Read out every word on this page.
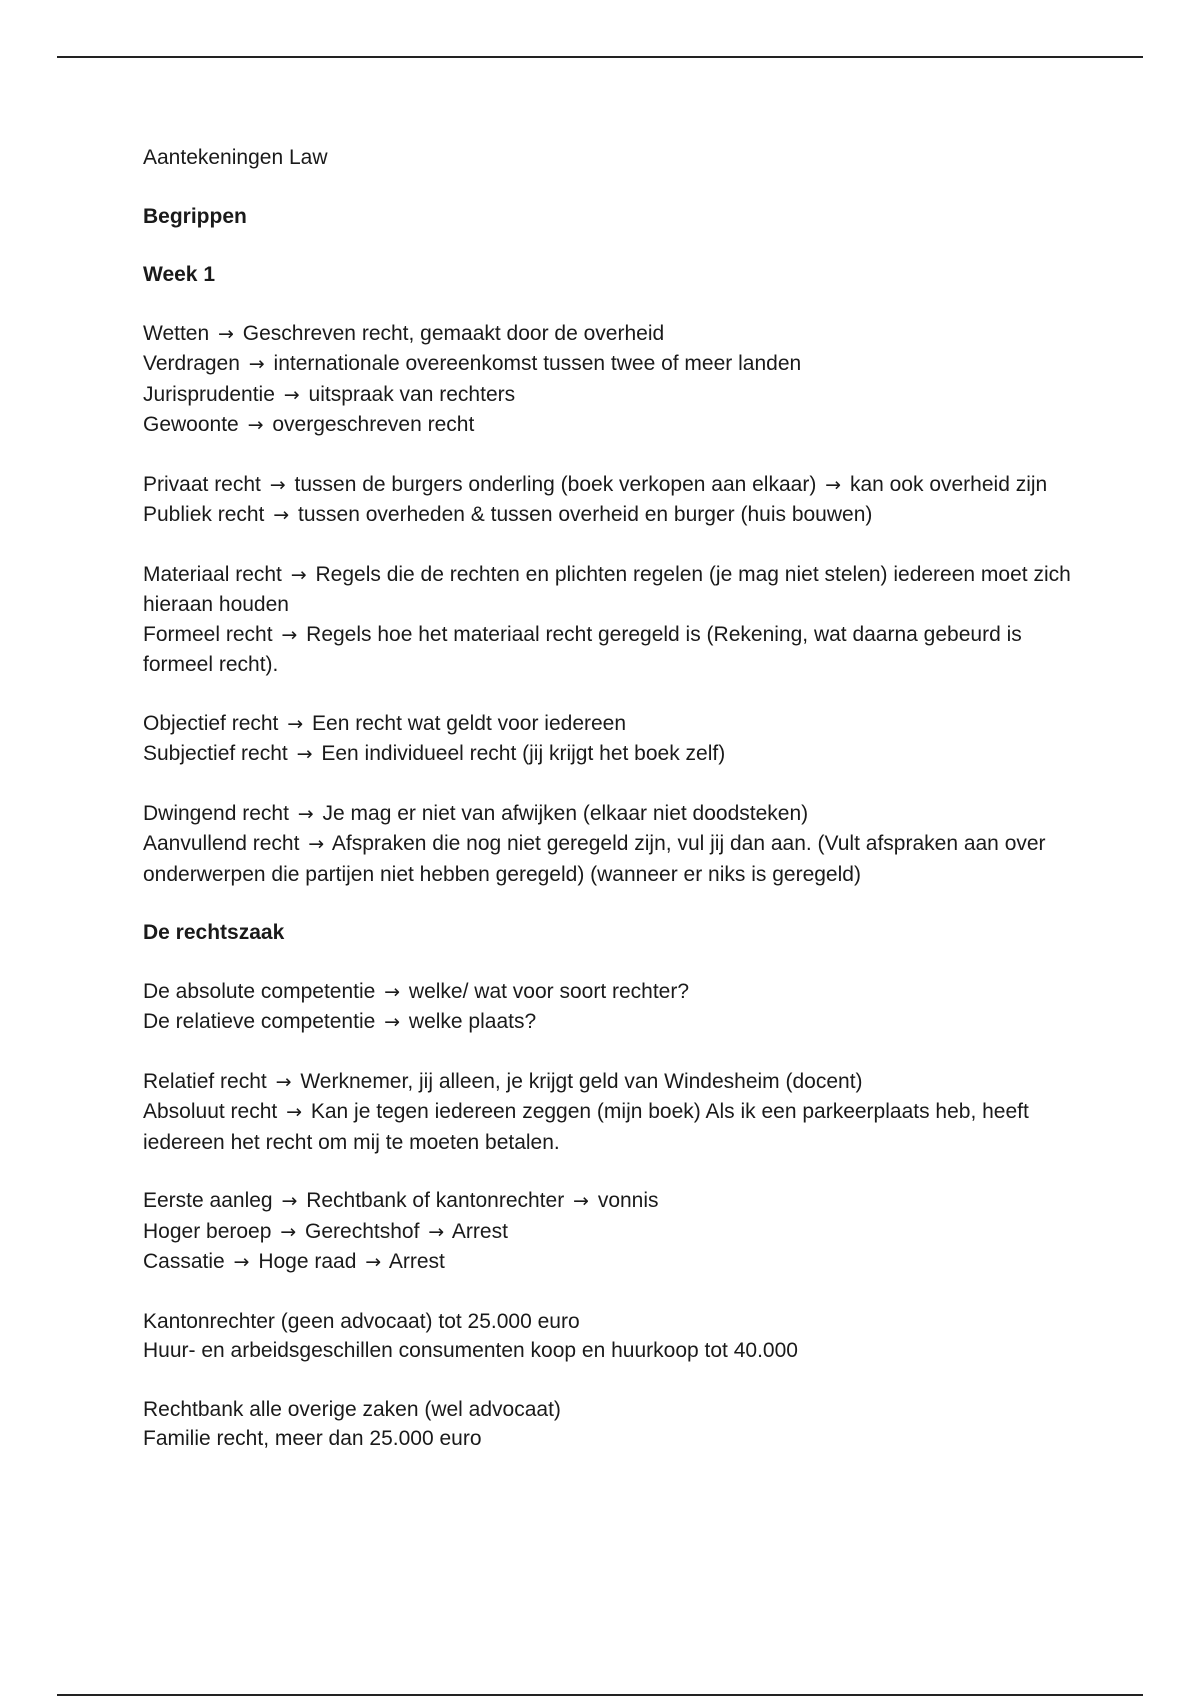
Aantekeningen Law

Begrippen

Week 1

Wetten → Geschreven recht, gemaakt door de overheid

Verdragen → internationale overeenkomst tussen twee of meer landen

Jurisprudentie → uitspraak van rechters

Gewoonte → overgeschreven recht

Privaat recht → tussen de burgers onderling (boek verkopen aan elkaar) → kan ook overheid zijn

Publiek recht → tussen overheden & tussen overheid en burger (huis bouwen)

Materiaal recht → Regels die de rechten en plichten regelen (je mag niet stelen) iedereen moet zich hieraan houden

Formeel recht → Regels hoe het materiaal recht geregeld is (Rekening, wat daarna gebeurd is formeel recht).

Objectief recht → Een recht wat geldt voor iedereen

Subjectief recht → Een individueel recht (jij krijgt het boek zelf)

Dwingend recht → Je mag er niet van afwijken (elkaar niet doodsteken)

Aanvullend recht → Afspraken die nog niet geregeld zijn, vul jij dan aan. (Vult afspraken aan over onderwerpen die partijen niet hebben geregeld) (wanneer er niks is geregeld)

De rechtszaak

De absolute competentie → welke/ wat voor soort rechter?

De relatieve competentie → welke plaats?

Relatief recht → Werknemer, jij alleen, je krijgt geld van Windesheim (docent)

Absoluut recht → Kan je tegen iedereen zeggen (mijn boek) Als ik een parkeerplaats heb, heeft iedereen het recht om mij te moeten betalen.

Eerste aanleg → Rechtbank of kantonrechter → vonnis

Hoger beroep → Gerechtshof → Arrest

Cassatie → Hoge raad → Arrest

Kantonrechter (geen advocaat) tot 25.000 euro

Huur- en arbeidsgeschillen consumenten koop en huurkoop tot 40.000

Rechtbank alle overige zaken (wel advocaat)

Familie recht, meer dan 25.000 euro
